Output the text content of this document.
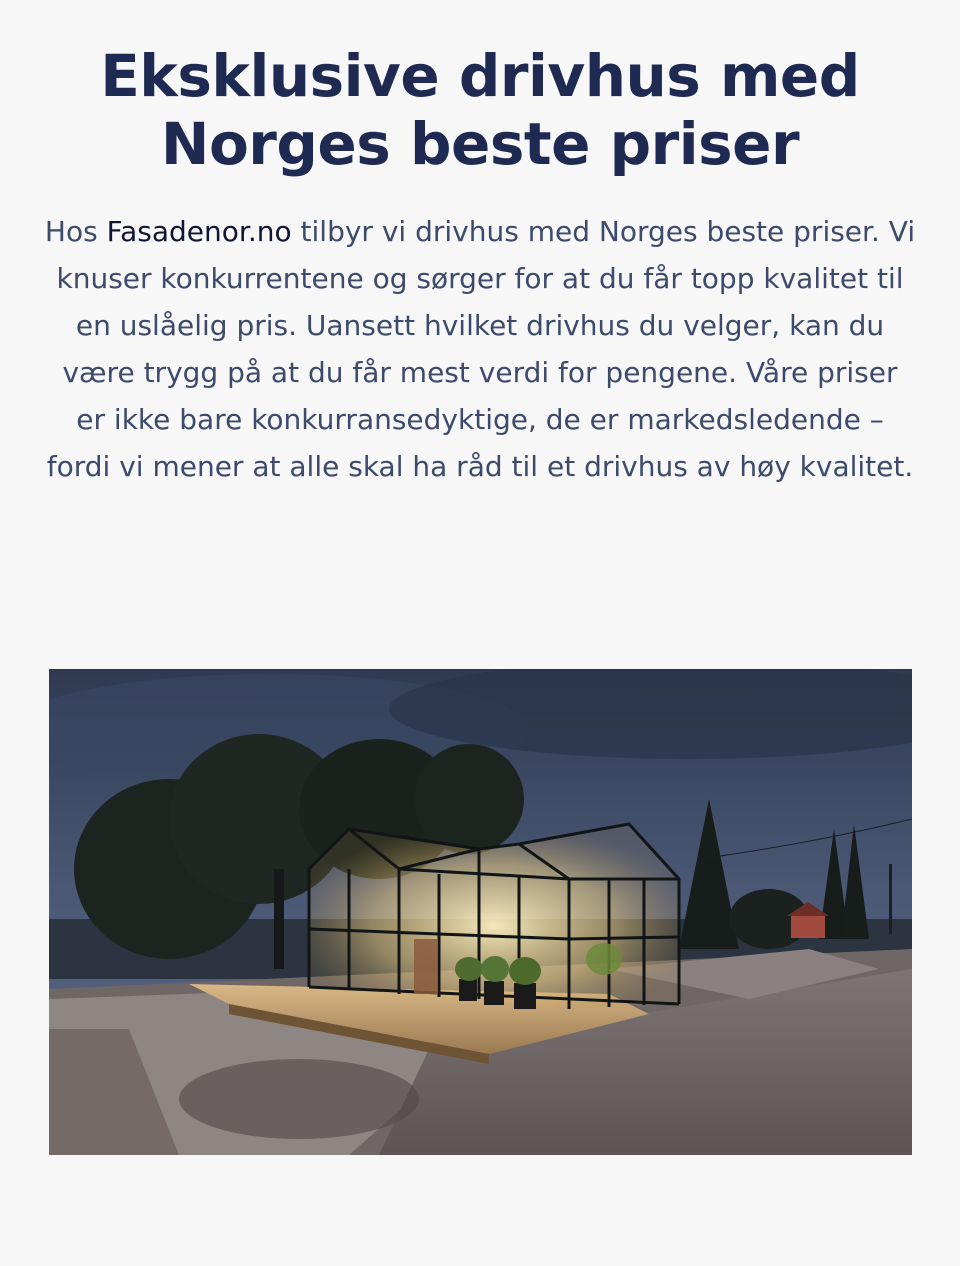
Eksklusive drivhus med Norges beste priser

Hos Fasadenor.no tilbyr vi drivhus med Norges beste priser. Vi knuser konkurrentene og sørger for at du får topp kvalitet til en uslåelig pris. Uansett hvilket drivhus du velger, kan du være trygg på at du får mest verdi for pengene. Våre priser er ikke bare konkurransedyktige, de er markedsledende – fordi vi mener at alle skal ha råd til et drivhus av høy kvalitet.
